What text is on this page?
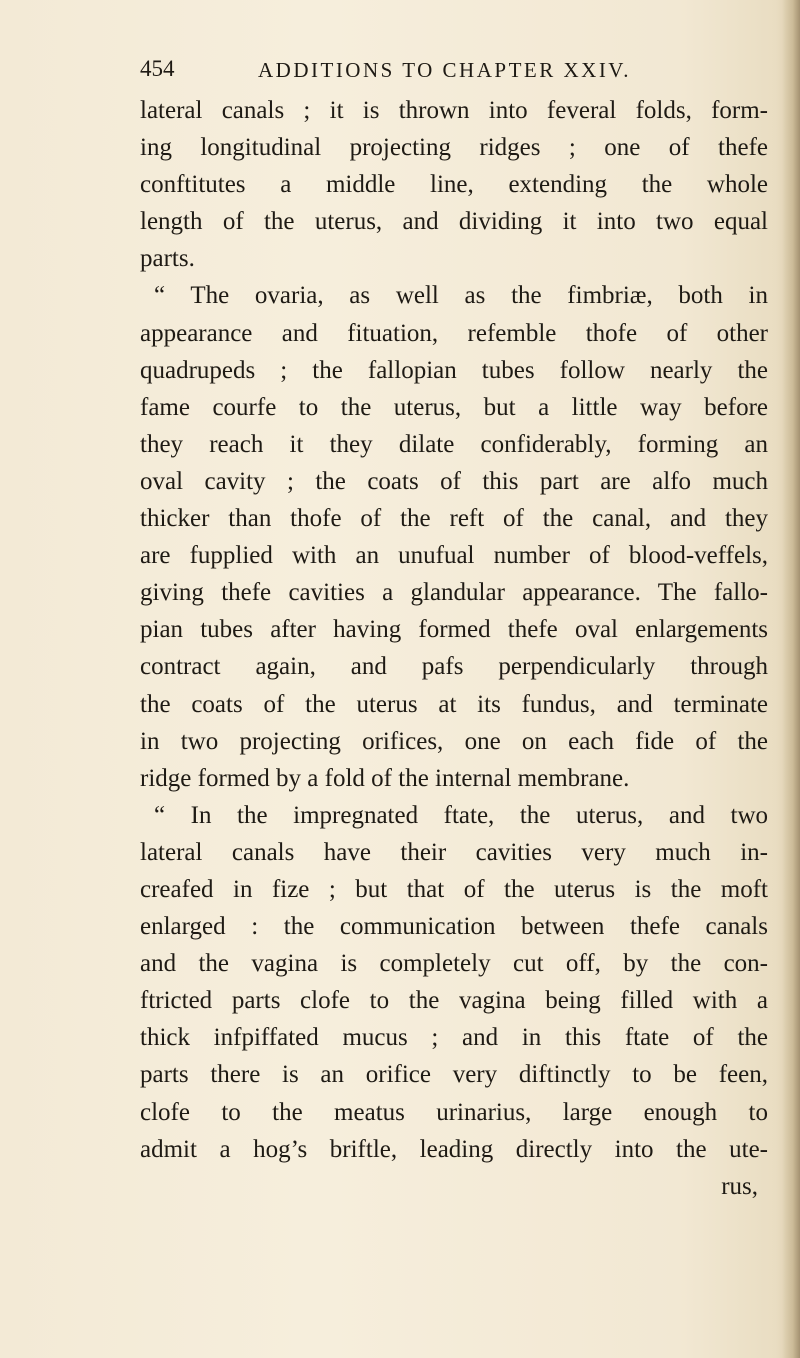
454	ADDITIONS TO CHAPTER XXIV.
lateral canals ; it is thrown into feveral folds, form-
ing longitudinal projecting ridges ; one of thefe
conftitutes a middle line, extending the whole
length of the uterus, and dividing it into two equal
parts.
“ The ovaria, as well as the fimbriæ, both in
appearance and fituation, refemble thofe of other
quadrupeds ; the fallopian tubes follow nearly the
fame courfe to the uterus, but a little way before
they reach it they dilate confiderably, forming an
oval cavity ; the coats of this part are alfo much
thicker than thofe of the reft of the canal, and they
are fupplied with an unufual number of blood-veffels,
giving thefe cavities a glandular appearance. The fallo-
pian tubes after having formed thefe oval enlargements
contract again, and pafs perpendicularly through
the coats of the uterus at its fundus, and terminate
in two projecting orifices, one on each fide of the
ridge formed by a fold of the internal membrane.
“ In the impregnated ftate, the uterus, and two
lateral canals have their cavities very much in-
creafed in fize ; but that of the uterus is the moft
enlarged : the communication between thefe canals
and the vagina is completely cut off, by the con-
ftricted parts clofe to the vagina being filled with a
thick infpiffated mucus ; and in this ftate of the
parts there is an orifice very diftinctly to be feen,
clofe to the meatus urinarius, large enough to
admit a hog’s briftle, leading directly into the ute-
rus,
